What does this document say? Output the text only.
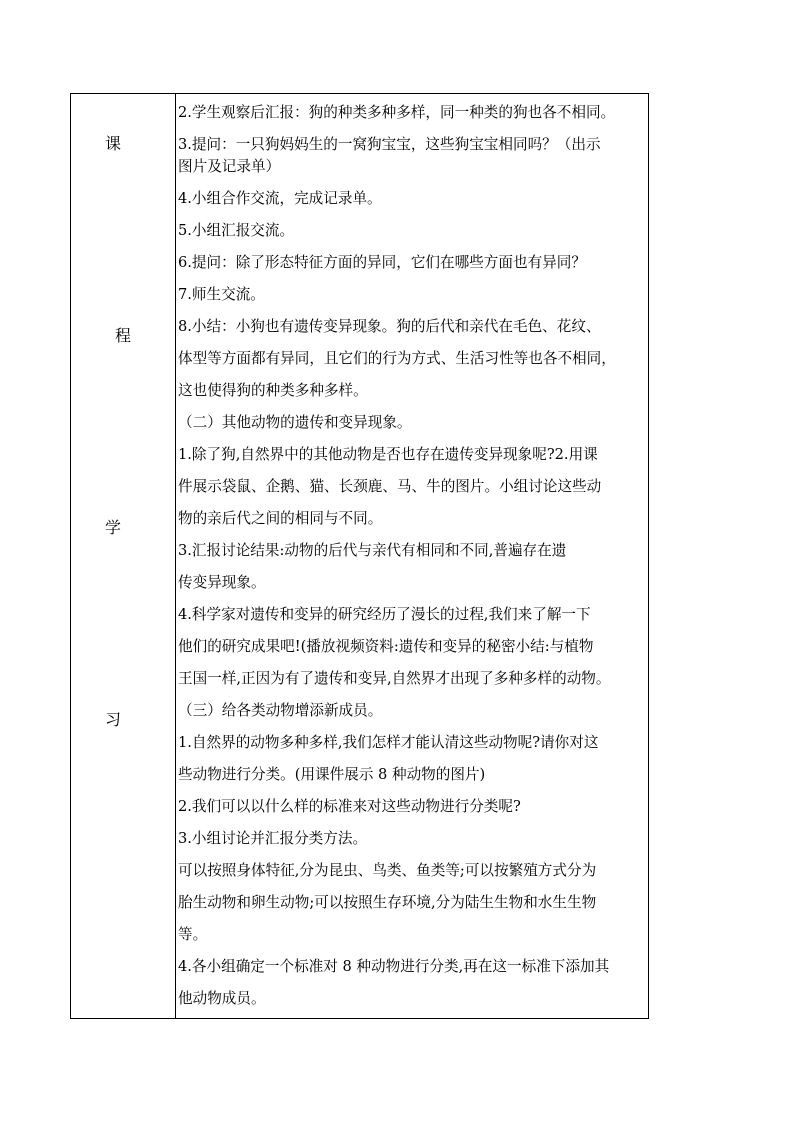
课
程
学
习
2.学生观察后汇报：狗的种类多种多样，同一种类的狗也各不相同。
3.提问：一只狗妈妈生的一窝狗宝宝，这些狗宝宝相同吗？（出示
图片及记录单）
4.小组合作交流，完成记录单。
5.小组汇报交流。
6.提问：除了形态特征方面的异同，它们在哪些方面也有异同？
7.师生交流。
8.小结：小狗也有遗传变异现象。狗的后代和亲代在毛色、花纹、
体型等方面都有异同，且它们的行为方式、生活习性等也各不相同，
这也使得狗的种类多种多样。
（二）其他动物的遗传和变异现象。
1.除了狗,自然界中的其他动物是否也存在遗传变异现象呢?2.用课
件展示袋鼠、企鹅、猫、长颈鹿、马、牛的图片。小组讨论这些动
物的亲后代之间的相同与不同。
3.汇报讨论结果:动物的后代与亲代有相同和不同,普遍存在遗
传变异现象。
4.科学家对遗传和变异的研究经历了漫长的过程,我们来了解一下
他们的研究成果吧!(播放视频资料:遗传和变异的秘密小结:与植物
王国一样,正因为有了遗传和变异,自然界才出现了多种多样的动物。
（三）给各类动物增添新成员。
1.自然界的动物多种多样,我们怎样才能认清这些动物呢?请你对这
些动物进行分类。(用课件展示 8 种动物的图片)
2.我们可以以什么样的标准来对这些动物进行分类呢?
3.小组讨论并汇报分类方法。
可以按照身体特征,分为昆虫、鸟类、鱼类等;可以按繁殖方式分为
胎生动物和卵生动物;可以按照生存环境,分为陆生生物和水生生物
等。
4.各小组确定一个标准对 8 种动物进行分类,再在这一标准下添加其
他动物成员。
